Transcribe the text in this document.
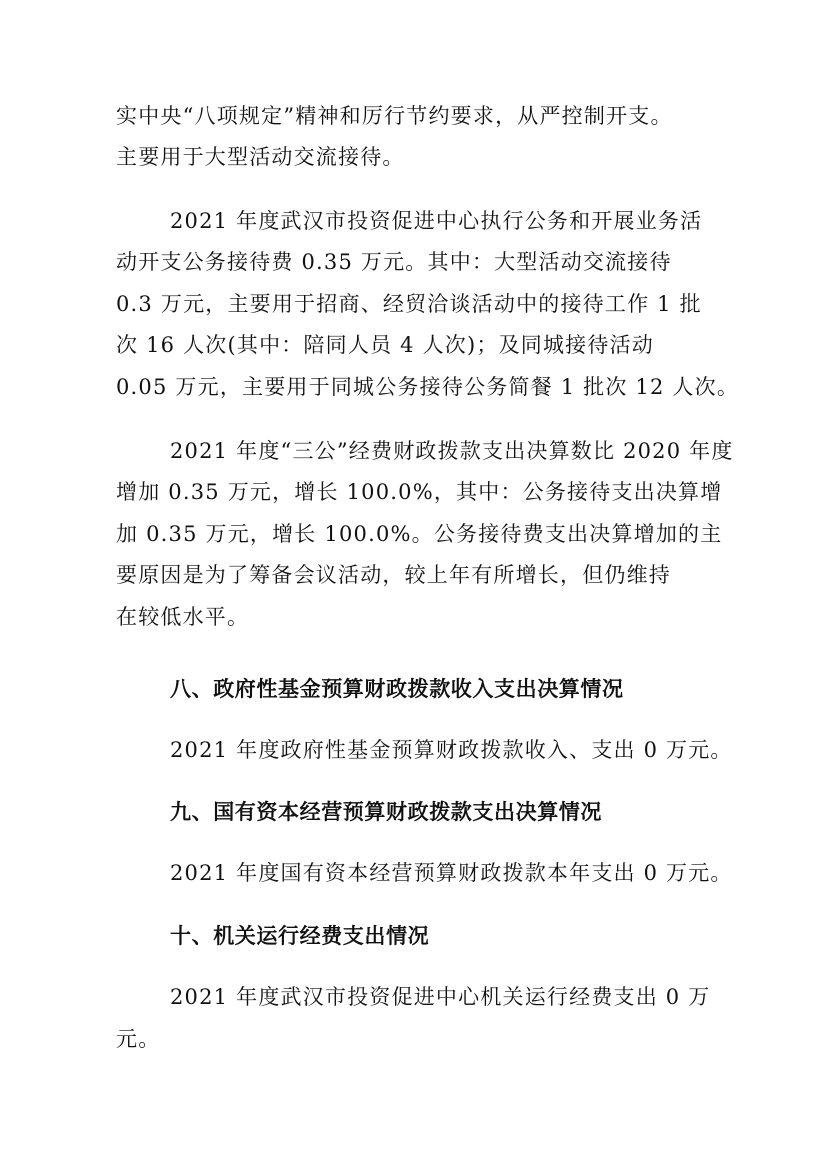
实中央“八项规定”精神和厉行节约要求，从严控制开支。
主要用于大型活动交流接待。
2021 年度武汉市投资促进中心执行公务和开展业务活
动开支公务接待费 0.35 万元。其中：大型活动交流接待
0.3 万元，主要用于招商、经贸洽谈活动中的接待工作 1 批
次 16 人次(其中：陪同人员 4 人次)；及同城接待活动
0.05 万元，主要用于同城公务接待公务简餐 1 批次 12 人次。
2021 年度“三公”经费财政拨款支出决算数比 2020 年度
增加 0.35 万元，增长 100.0%，其中：公务接待支出决算增
加 0.35 万元，增长 100.0%。公务接待费支出决算增加的主
要原因是为了筹备会议活动，较上年有所增长，但仍维持
在较低水平。
八、政府性基金预算财政拨款收入支出决算情况
2021 年度政府性基金预算财政拨款收入、支出 0 万元。
九、国有资本经营预算财政拨款支出决算情况
2021 年度国有资本经营预算财政拨款本年支出 0 万元。
十、机关运行经费支出情况
2021 年度武汉市投资促进中心机关运行经费支出 0 万
元。
